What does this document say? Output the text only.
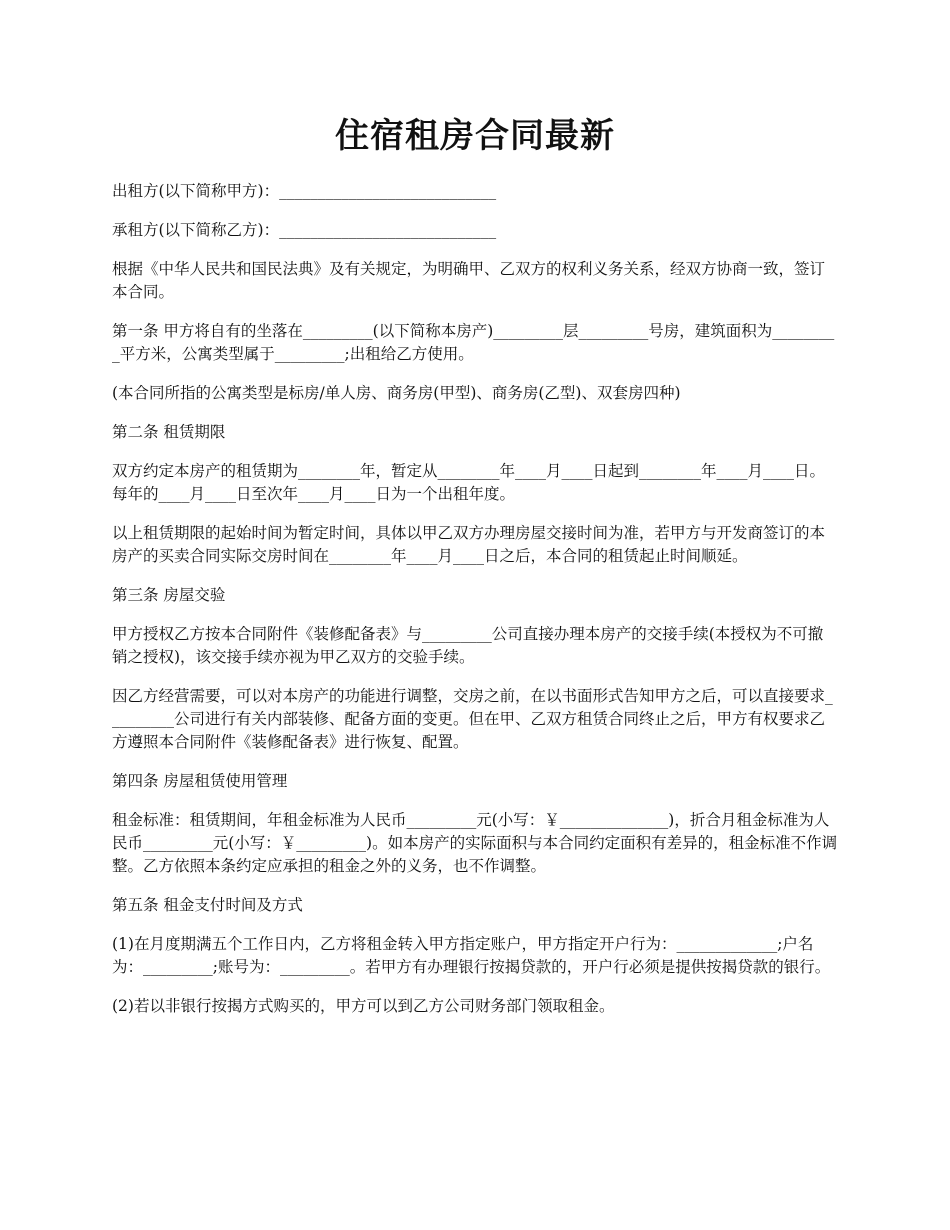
住宿租房合同最新

出租方(以下简称甲方)：____________________________

承租方(以下简称乙方)：____________________________

根据《中华人民共和国民法典》及有关规定，为明确甲、乙双方的权利义务关系，经双方协商一致，签订本合同。

第一条 甲方将自有的坐落在_________(以下简称本房产)_________层_________号房，建筑面积为_________平方米，公寓类型属于_________;出租给乙方使用。

(本合同所指的公寓类型是标房/单人房、商务房(甲型)、商务房(乙型)、双套房四种)

第二条 租赁期限

双方约定本房产的租赁期为________年，暂定从________年____月____日起到________年____月____日。每年的____月____日至次年____月____日为一个出租年度。

以上租赁期限的起始时间为暂定时间，具体以甲乙双方办理房屋交接时间为准，若甲方与开发商签订的本房产的买卖合同实际交房时间在________年____月____日之后，本合同的租赁起止时间顺延。

第三条 房屋交验

甲方授权乙方按本合同附件《装修配备表》与_________公司直接办理本房产的交接手续(本授权为不可撤销之授权)，该交接手续亦视为甲乙双方的交验手续。

因乙方经营需要，可以对本房产的功能进行调整，交房之前，在以书面形式告知甲方之后，可以直接要求_________公司进行有关内部装修、配备方面的变更。但在甲、乙双方租赁合同终止之后，甲方有权要求乙方遵照本合同附件《装修配备表》进行恢复、配置。

第四条 房屋租赁使用管理

租金标准：租赁期间，年租金标准为人民币_________元(小写：￥______________)，折合月租金标准为人民币_________元(小写：￥_________)。如本房产的实际面积与本合同约定面积有差异的，租金标准不作调整。乙方依照本条约定应承担的租金之外的义务，也不作调整。

第五条 租金支付时间及方式

(1)在月度期满五个工作日内，乙方将租金转入甲方指定账户，甲方指定开户行为：_____________;户名为：_________;账号为：_________。若甲方有办理银行按揭贷款的，开户行必须是提供按揭贷款的银行。

(2)若以非银行按揭方式购买的，甲方可以到乙方公司财务部门领取租金。
